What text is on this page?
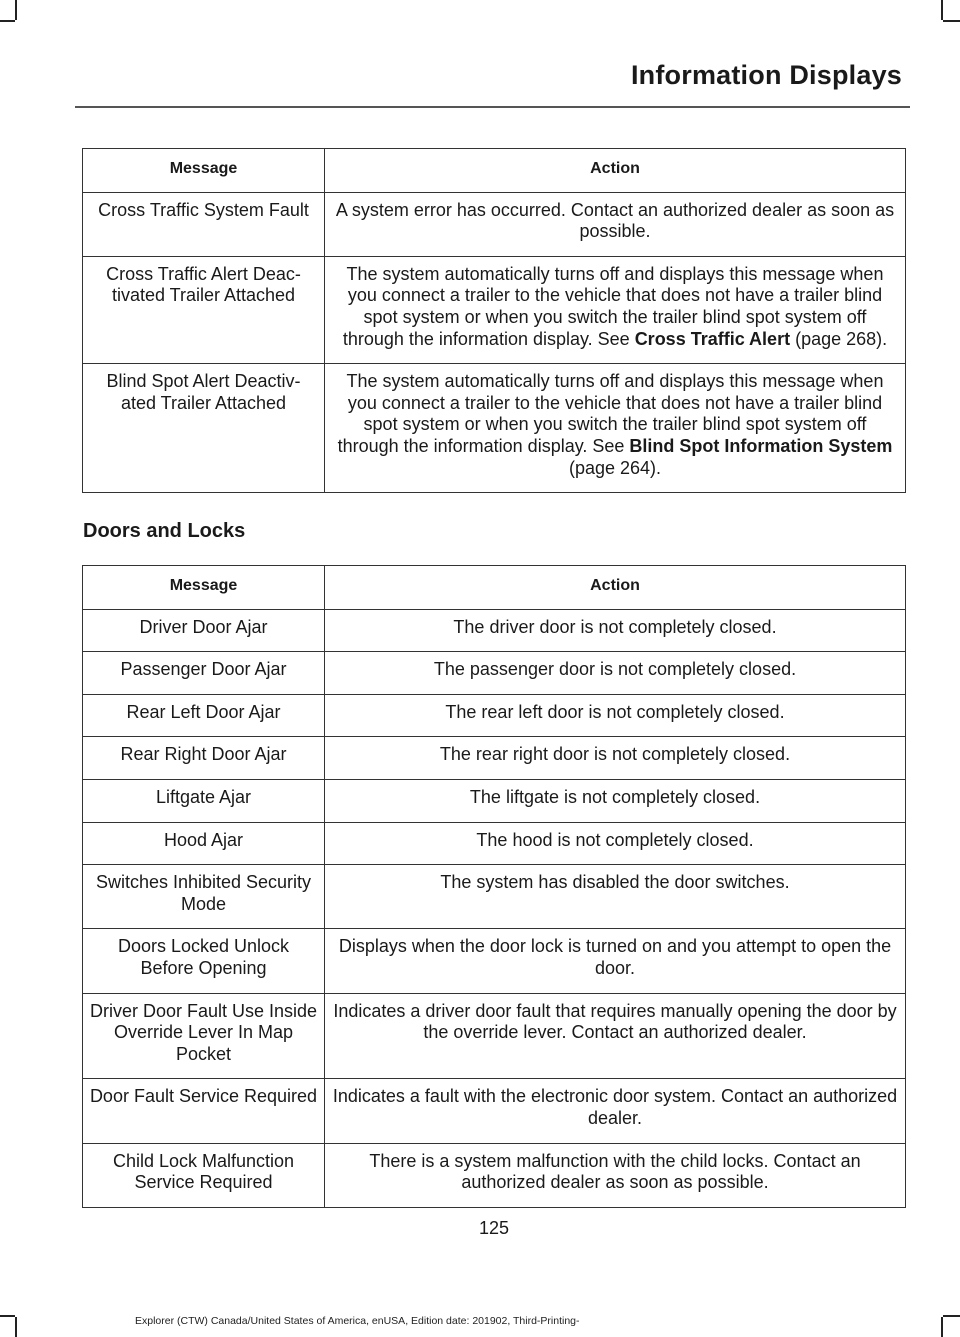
Information Displays
Message	Action
Cross Traffic System Fault	A system error has occurred. Contact an authorized dealer as soon as possible.
Cross Traffic Alert Deac-tivated Trailer Attached	The system automatically turns off and displays this message when you connect a trailer to the vehicle that does not have a trailer blind spot system or when you switch the trailer blind spot system off through the information display. See Cross Traffic Alert (page 268).
Blind Spot Alert Deactiv-ated Trailer Attached	The system automatically turns off and displays this message when you connect a trailer to the vehicle that does not have a trailer blind spot system or when you switch the trailer blind spot system off through the information display. See Blind Spot Information System (page 264).
Doors and Locks
Message	Action
Driver Door Ajar	The driver door is not completely closed.
Passenger Door Ajar	The passenger door is not completely closed.
Rear Left Door Ajar	The rear left door is not completely closed.
Rear Right Door Ajar	The rear right door is not completely closed.
Liftgate Ajar	The liftgate is not completely closed.
Hood Ajar	The hood is not completely closed.
Switches Inhibited Security Mode	The system has disabled the door switches.
Doors Locked Unlock Before Opening	Displays when the door lock is turned on and you attempt to open the door.
Driver Door Fault Use Inside Override Lever In Map Pocket	Indicates a driver door fault that requires manually opening the door by the override lever. Contact an authorized dealer.
Door Fault Service Required	Indicates a fault with the electronic door system. Contact an authorized dealer.
Child Lock Malfunction Service Required	There is a system malfunction with the child locks. Contact an authorized dealer as soon as possible.
125
Explorer (CTW) Canada/United States of America, enUSA, Edition date: 201902, Third-Printing-
